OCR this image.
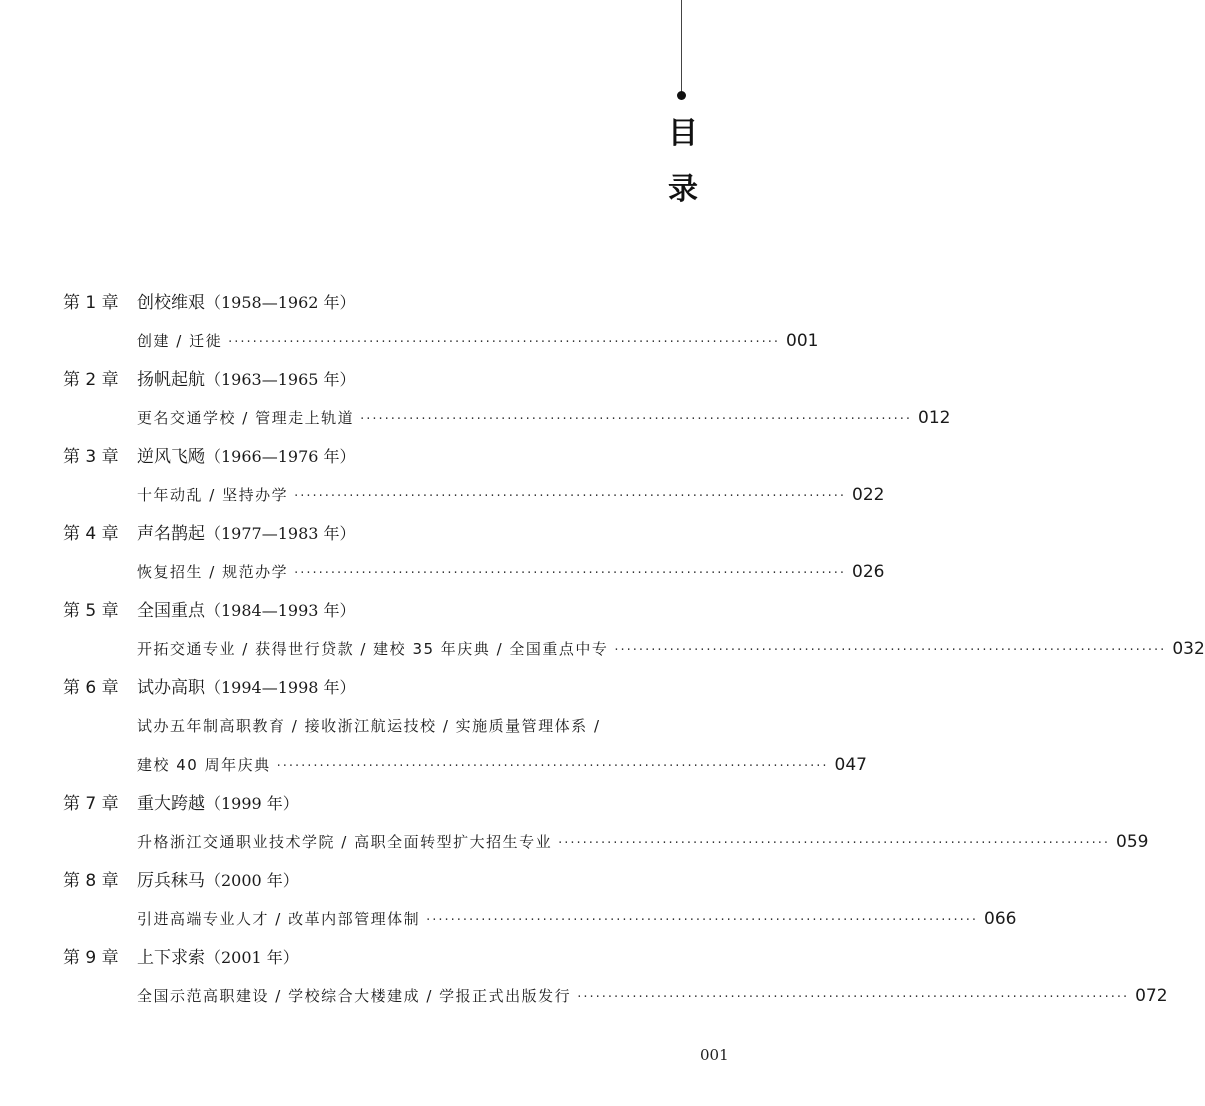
目
录
第 1 章 创校维艰（1958—1962 年）
创建 / 迁徙 ·························································································· 001
第 2 章 扬帆起航（1963—1965 年）
更名交通学校 / 管理走上轨道 ·························································································· 012
第 3 章 逆风飞飏（1966—1976 年）
十年动乱 / 坚持办学 ·························································································· 022
第 4 章 声名鹊起（1977—1983 年）
恢复招生 / 规范办学 ·························································································· 026
第 5 章 全国重点（1984—1993 年）
开拓交通专业 / 获得世行贷款 / 建校 35 年庆典 / 全国重点中专 ·························································································· 032
第 6 章 试办高职（1994—1998 年）
试办五年制高职教育 / 接收浙江航运技校 / 实施质量管理体系 /
建校 40 周年庆典 ·························································································· 047
第 7 章 重大跨越（1999 年）
升格浙江交通职业技术学院 / 高职全面转型扩大招生专业 ·························································································· 059
第 8 章 厉兵秣马（2000 年）
引进高端专业人才 / 改革内部管理体制 ·························································································· 066
第 9 章 上下求索（2001 年）
全国示范高职建设 / 学校综合大楼建成 / 学报正式出版发行 ·························································································· 072
001
